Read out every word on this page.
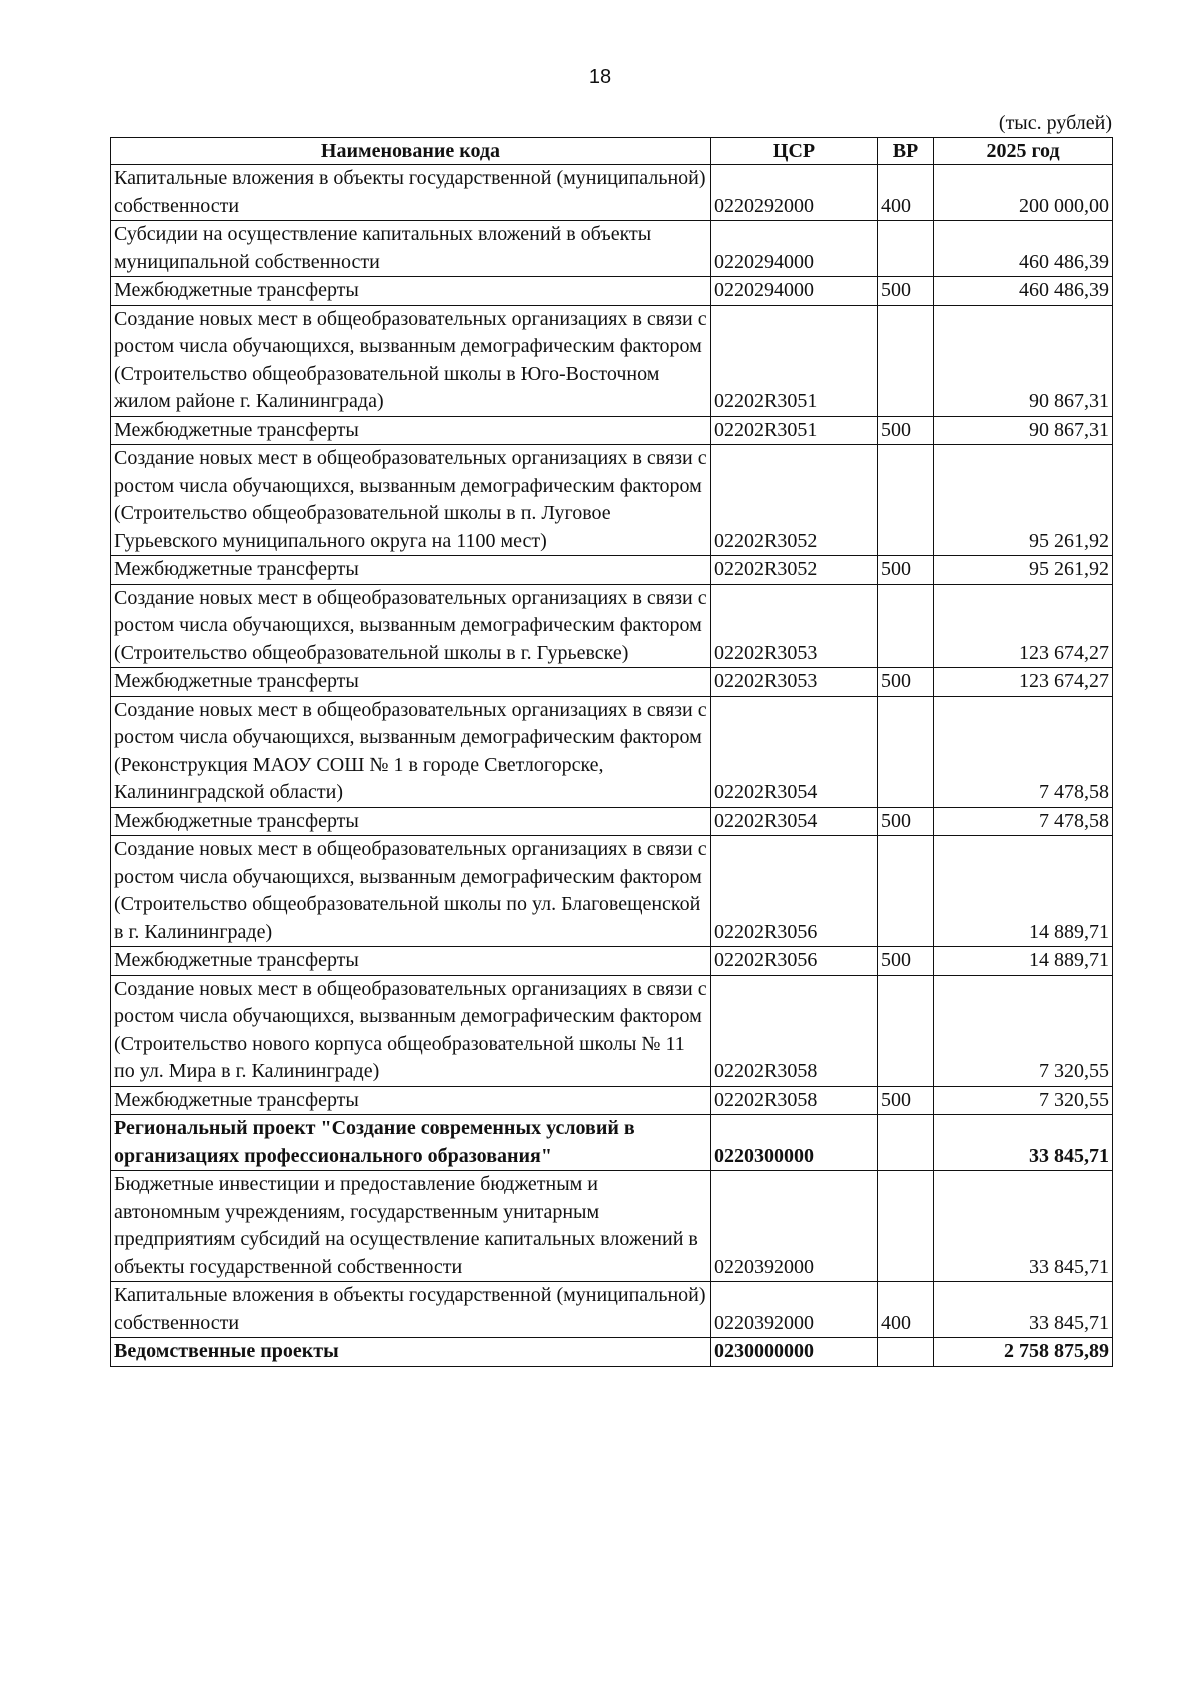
18
(тыс. рублей)
Наименование кода	ЦСР	ВР	2025 год
Капитальные вложения в объекты государственной (муниципальной) собственности	0220292000	400	200 000,00
Субсидии на осуществление капитальных вложений в объекты муниципальной собственности	0220294000		460 486,39
Межбюджетные трансферты	0220294000	500	460 486,39
Создание новых мест в общеобразовательных организациях в связи с ростом числа обучающихся, вызванным демографическим фактором (Строительство общеобразовательной школы в Юго-Восточном жилом районе г. Калининграда)	02202R3051		90 867,31
Межбюджетные трансферты	02202R3051	500	90 867,31
Создание новых мест в общеобразовательных организациях в связи с ростом числа обучающихся, вызванным демографическим фактором (Строительство общеобразовательной школы в п. Луговое Гурьевского муниципального округа на 1100 мест)	02202R3052		95 261,92
Межбюджетные трансферты	02202R3052	500	95 261,92
Создание новых мест в общеобразовательных организациях в связи с ростом числа обучающихся, вызванным демографическим фактором (Строительство общеобразовательной школы в г. Гурьевске)	02202R3053		123 674,27
Межбюджетные трансферты	02202R3053	500	123 674,27
Создание новых мест в общеобразовательных организациях в связи с ростом числа обучающихся, вызванным демографическим фактором (Реконструкция МАОУ СОШ № 1 в городе Светлогорске, Калининградской области)	02202R3054		7 478,58
Межбюджетные трансферты	02202R3054	500	7 478,58
Создание новых мест в общеобразовательных организациях в связи с ростом числа обучающихся, вызванным демографическим фактором (Строительство общеобразовательной школы по ул. Благовещенской в г. Калининграде)	02202R3056		14 889,71
Межбюджетные трансферты	02202R3056	500	14 889,71
Создание новых мест в общеобразовательных организациях в связи с ростом числа обучающихся, вызванным демографическим фактором (Строительство нового корпуса общеобразовательной школы № 11 по ул. Мира в г. Калининграде)	02202R3058		7 320,55
Межбюджетные трансферты	02202R3058	500	7 320,55
Региональный проект "Создание современных условий в организациях профессионального образования"	0220300000		33 845,71
Бюджетные инвестиции и предоставление бюджетным и автономным учреждениям, государственным унитарным предприятиям субсидий на осуществление капитальных вложений в объекты государственной собственности	0220392000		33 845,71
Капитальные вложения в объекты государственной (муниципальной) собственности	0220392000	400	33 845,71
Ведомственные проекты	0230000000		2 758 875,89
